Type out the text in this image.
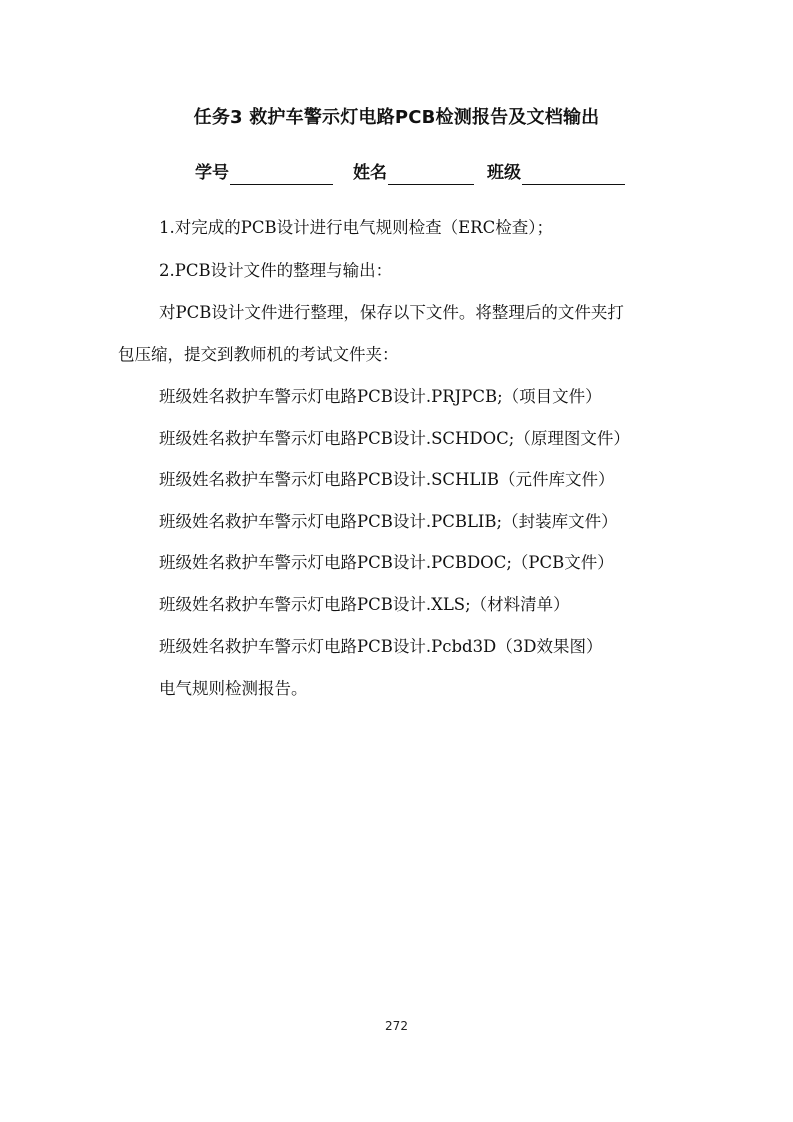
任务3 救护车警示灯电路PCB检测报告及文档输出
学号	姓名	班级
1.对完成的PCB设计进行电气规则检查（ERC检查）；
2.PCB设计文件的整理与输出：
对PCB设计文件进行整理，保存以下文件。将整理后的文件夹打
包压缩，提交到教师机的考试文件夹：
班级姓名救护车警示灯电路PCB设计.PRJPCB;（项目文件）
班级姓名救护车警示灯电路PCB设计.SCHDOC;（原理图文件）
班级姓名救护车警示灯电路PCB设计.SCHLIB（元件库文件）
班级姓名救护车警示灯电路PCB设计.PCBLIB;（封装库文件）
班级姓名救护车警示灯电路PCB设计.PCBDOC;（PCB文件）
班级姓名救护车警示灯电路PCB设计.XLS;（材料清单）
班级姓名救护车警示灯电路PCB设计.Pcbd3D（3D效果图）
电气规则检测报告。
272
